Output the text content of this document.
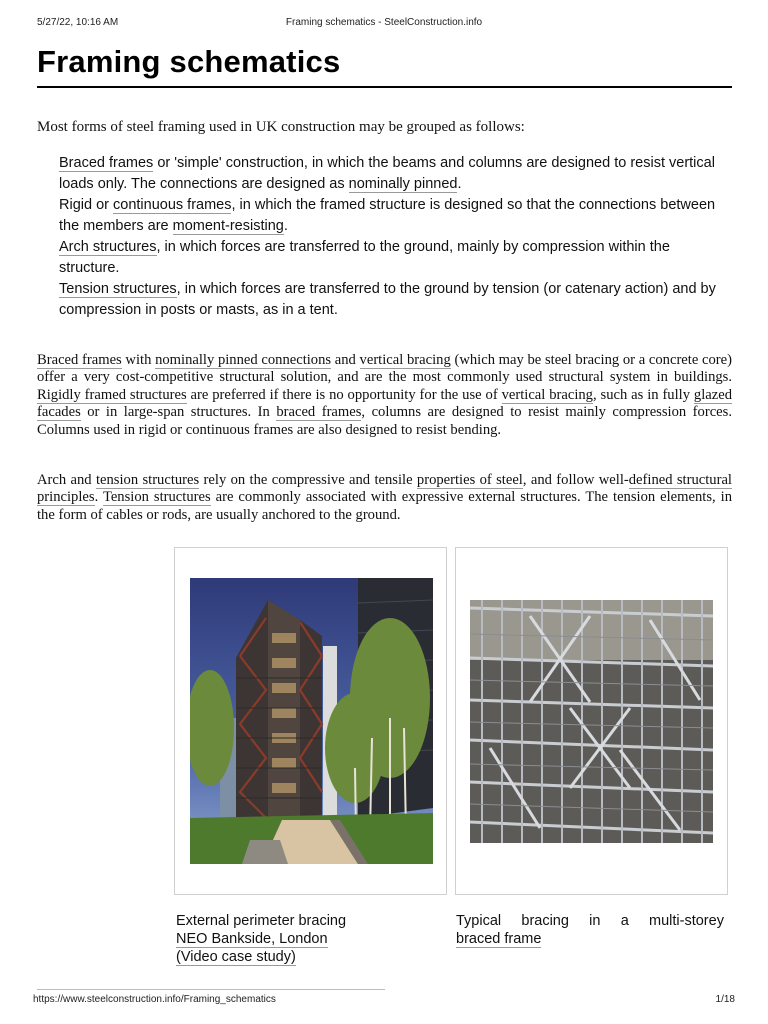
5/27/22, 10:16 AM	Framing schematics - SteelConstruction.info
Framing schematics
Most forms of steel framing used in UK construction may be grouped as follows:

Braced frames or 'simple' construction, in which the beams and columns are designed to resist vertical loads only. The connections are designed as nominally pinned.

Rigid or continuous frames, in which the framed structure is designed so that the connections between the members are moment-resisting.

Arch structures, in which forces are transferred to the ground, mainly by compression within the structure.

Tension structures, in which forces are transferred to the ground by tension (or catenary action) and by compression in posts or masts, as in a tent.

Braced frames with nominally pinned connections and vertical bracing (which may be steel bracing or a concrete core) offer a very cost-competitive structural solution, and are the most commonly used structural system in buildings. Rigidly framed structures are preferred if there is no opportunity for the use of vertical bracing, such as in fully glazed facades or in large-span structures. In braced frames, columns are designed to resist mainly compression forces. Columns used in rigid or continuous frames are also designed to resist bending.

Arch and tension structures rely on the compressive and tensile properties of steel, and follow well-defined structural principles. Tension structures are commonly associated with expressive external structures. The tension elements, in the form of cables or rods, are usually anchored to the ground.

External perimeter bracing
NEO Bankside, London
(Video case study)
Typical bracing in a multi-storey
braced frame
https://www.steelconstruction.info/Framing_schematics	1/18
